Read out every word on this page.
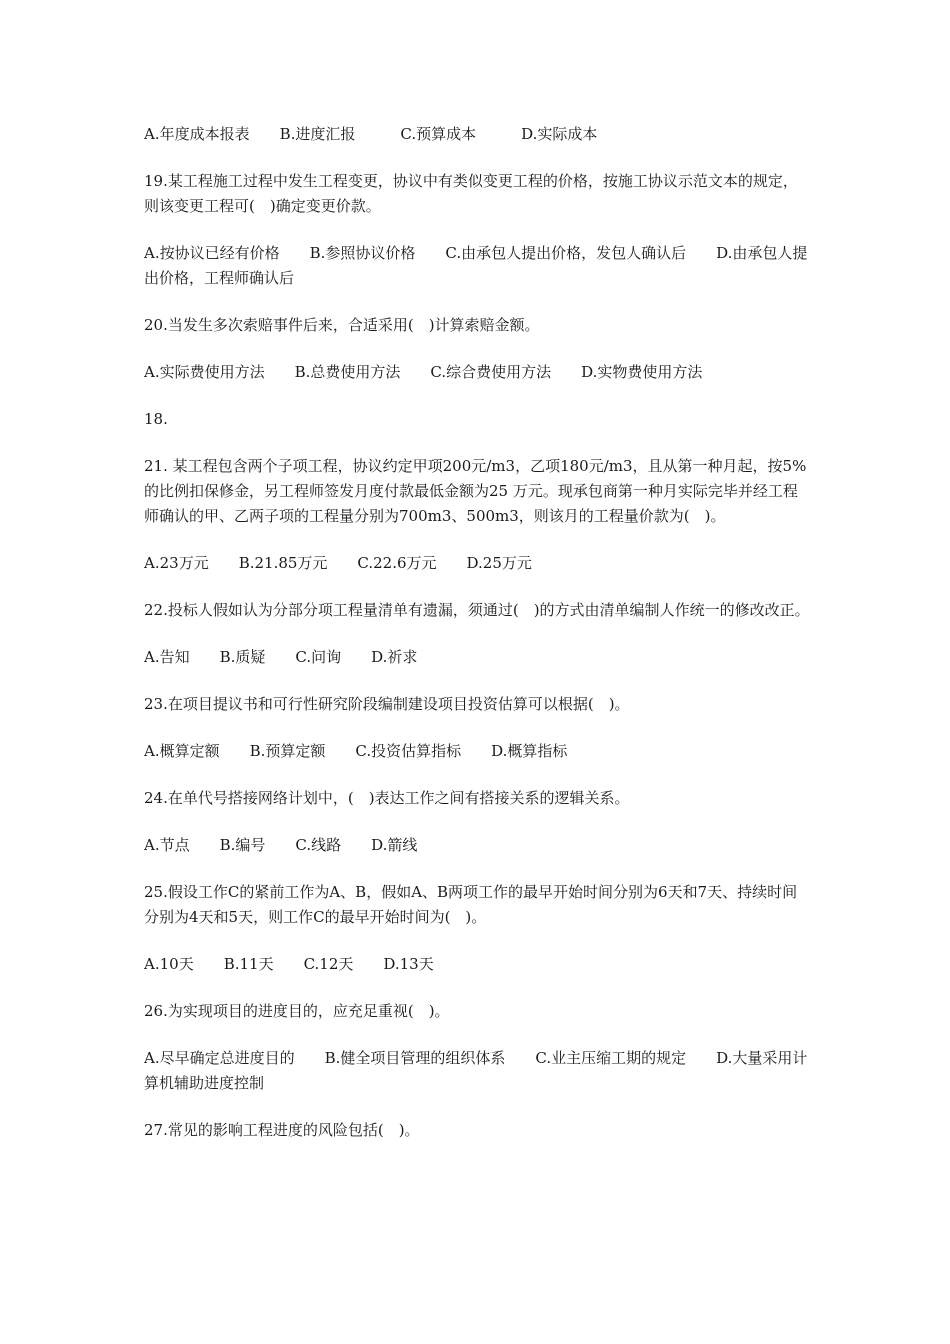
A.年度成本报表　　B.进度汇报　　　C.预算成本　　　D.实际成本

19.某工程施工过程中发生工程变更，协议中有类似变更工程的价格，按施工协议示范文本的规定，则该变更工程可(　)确定变更价款。

A.按协议已经有价格　　B.参照协议价格　　C.由承包人提出价格，发包人确认后　　D.由承包人提出价格，工程师确认后

20.当发生多次索赔事件后来，合适采用(　)计算索赔金额。

A.实际费使用方法　　B.总费使用方法　　C.综合费使用方法　　D.实物费使用方法

18.

21. 某工程包含两个子项工程，协议约定甲项200元/m3，乙项180元/m3，且从第一种月起，按5%的比例扣保修金，另工程师签发月度付款最低金额为25 万元。现承包商第一种月实际完毕并经工程师确认的甲、乙两子项的工程量分别为700m3、500m3，则该月的工程量价款为(　)。

A.23万元　　B.21.85万元　　C.22.6万元　　D.25万元

22.投标人假如认为分部分项工程量清单有遗漏，须通过(　)的方式由清单编制人作统一的修改改正。

A.告知　　B.质疑　　C.问询　　D.祈求

23.在项目提议书和可行性研究阶段编制建设项目投资估算可以根据(　)。

A.概算定额　　B.预算定额　　C.投资估算指标　　D.概算指标

24.在单代号搭接网络计划中，(　)表达工作之间有搭接关系的逻辑关系。

A.节点　　B.编号　　C.线路　　D.箭线

25.假设工作C的紧前工作为A、B，假如A、B两项工作的最早开始时间分别为6天和7天、持续时间分别为4天和5天，则工作C的最早开始时间为(　)。

A.10天　　B.11天　　C.12天　　D.13天

26.为实现项目的进度目的，应充足重视(　)。

A.尽早确定总进度目的　　B.健全项目管理的组织体系　　C.业主压缩工期的规定　　D.大量采用计算机辅助进度控制

27.常见的影响工程进度的风险包括(　)。
